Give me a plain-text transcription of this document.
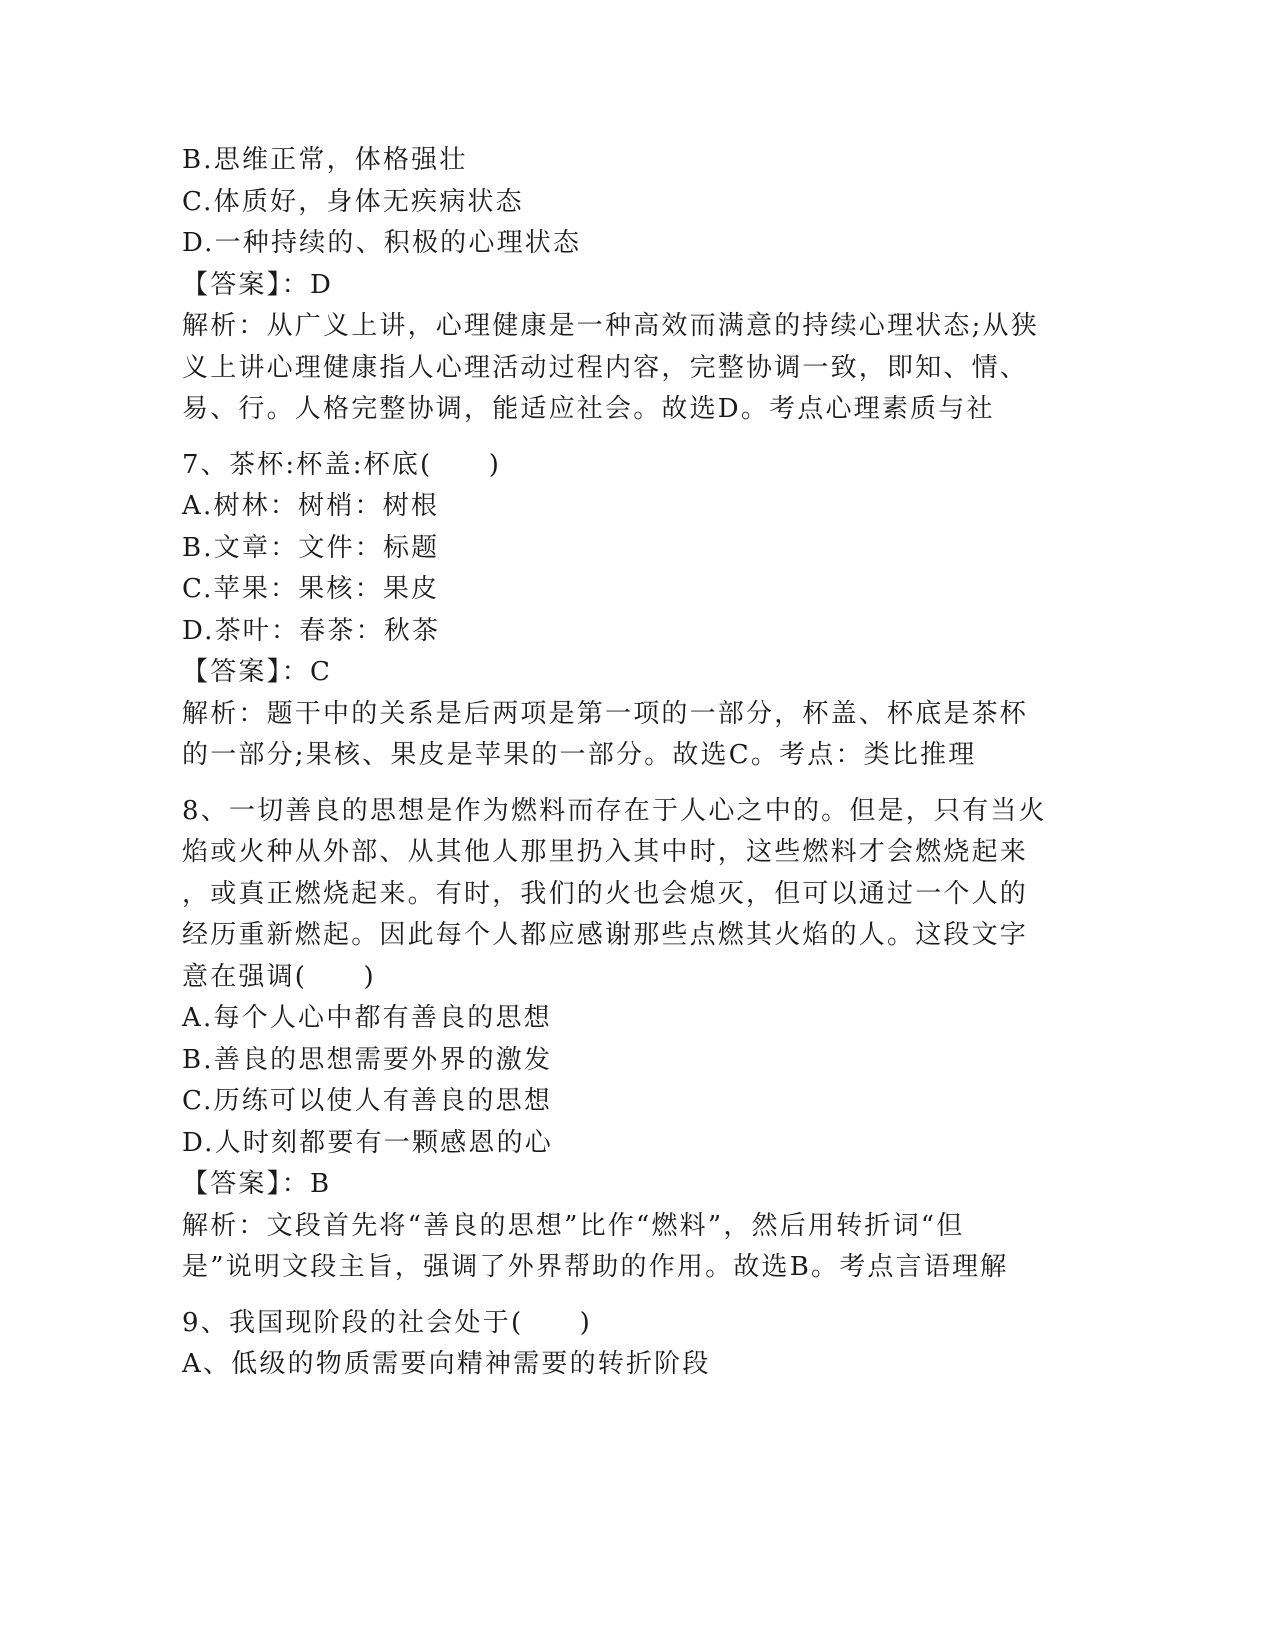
B.思维正常，体格强壮
C.体质好，身体无疾病状态
D.一种持续的、积极的心理状态
【答案】：D
解析：从广义上讲，心理健康是一种高效而满意的持续心理状态;从狭
义上讲心理健康指人心理活动过程内容，完整协调一致，即知、情、
易、行。人格完整协调，能适应社会。故选D。考点心理素质与社
7、茶杯:杯盖:杯底(　　)
A.树林：树梢：树根
B.文章：文件：标题
C.苹果：果核：果皮
D.茶叶：春茶：秋茶
【答案】：C
解析：题干中的关系是后两项是第一项的一部分，杯盖、杯底是茶杯
的一部分;果核、果皮是苹果的一部分。故选C。考点：类比推理
8、一切善良的思想是作为燃料而存在于人心之中的。但是，只有当火
焰或火种从外部、从其他人那里扔入其中时，这些燃料才会燃烧起来
，或真正燃烧起来。有时，我们的火也会熄灭，但可以通过一个人的
经历重新燃起。因此每个人都应感谢那些点燃其火焰的人。这段文字
意在强调(　　)
A.每个人心中都有善良的思想
B.善良的思想需要外界的激发
C.历练可以使人有善良的思想
D.人时刻都要有一颗感恩的心
【答案】：B
解析：文段首先将“善良的思想”比作“燃料”，然后用转折词“但
是”说明文段主旨，强调了外界帮助的作用。故选B。考点言语理解
9、我国现阶段的社会处于(　　)
A、低级的物质需要向精神需要的转折阶段
